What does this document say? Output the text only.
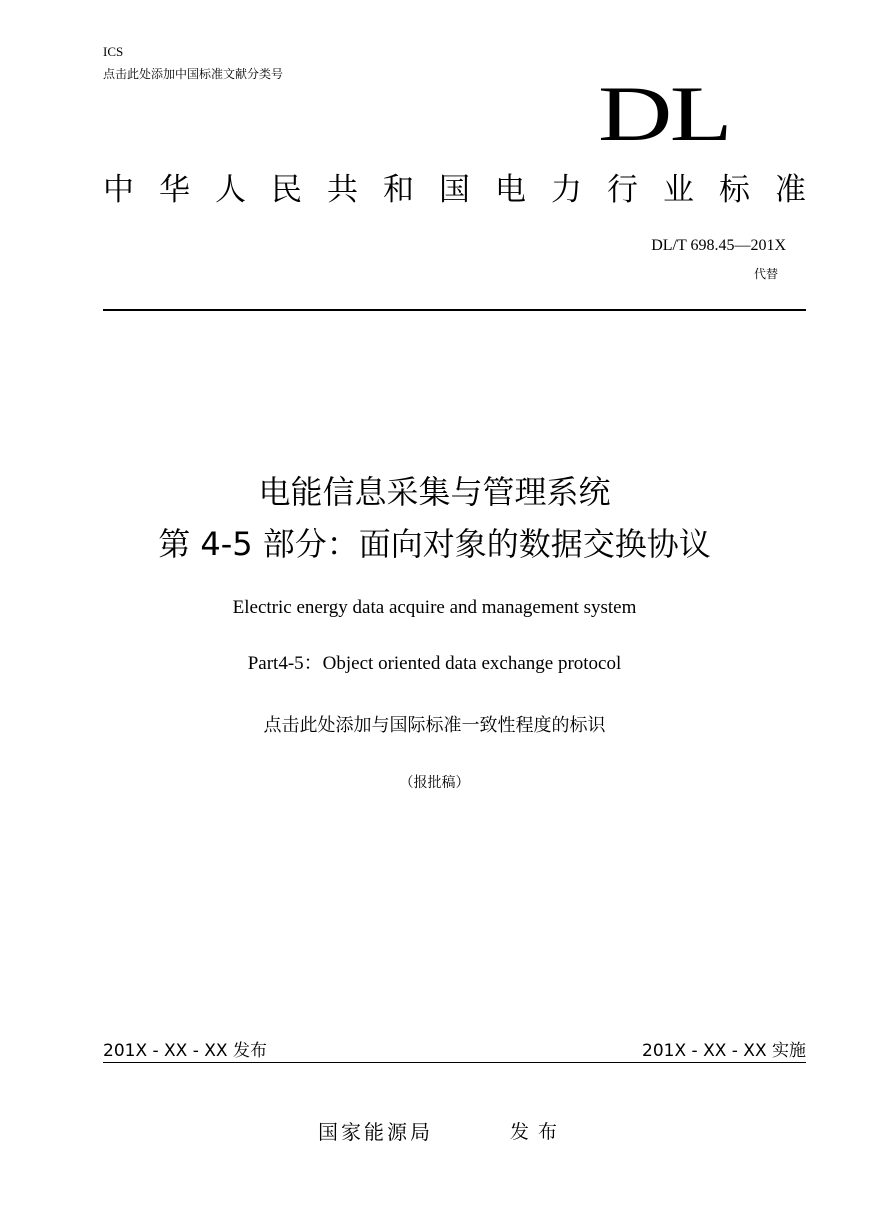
ICS
点击此处添加中国标准文献分类号	DL
中华人民共和国电力行业标准
DL/T 698.45—201X
代替
电能信息采集与管理系统
第 4-5 部分：面向对象的数据交换协议
Electric energy data acquire and management system
Part4-5：Object oriented data exchange protocol
点击此处添加与国际标准一致性程度的标识
（报批稿）
201X - XX - XX 发布	201X - XX - XX 实施
国家能源局	发布
